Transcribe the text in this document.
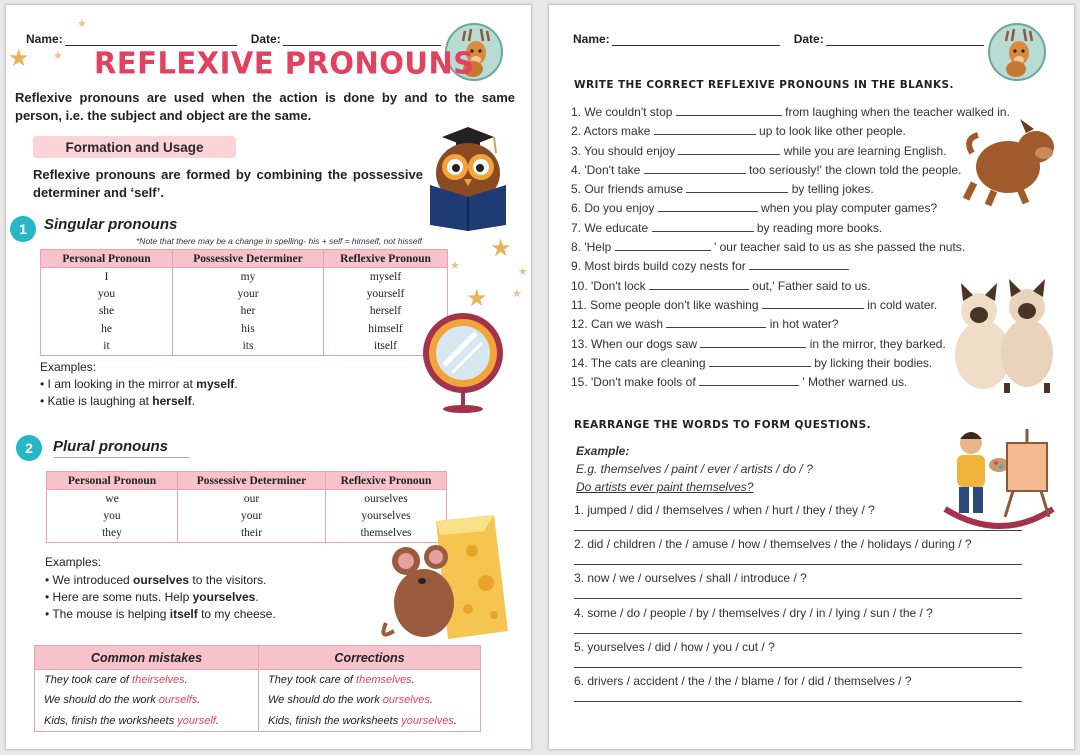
Name:	Date:
★
★
★ REFLEXIVE PRONOUNS
Reflexive pronouns are used when the action is done by and to the same person, i.e. the subject and object are the same.
Formation and Usage
Reflexive pronouns are formed by combining the possessive determiner and ‘self’.
★
★
★
★
★
1	Singular pronouns
*Note that there may be a change in spelling- his + self = himself, not hisself
Personal Pronoun	Possessive Determiner	Reflexive Pronoun
I	my	myself
you	your	yourself
she	her	herself
he	his	himself
it	its	itself
Examples:
• I am looking in the mirror at myself.
• Katie is laughing at herself.
2	Plural pronouns
Personal Pronoun	Possessive Determiner	Reflexive Pronoun
we	our	ourselves
you	your	yourselves
they	their	themselves
Examples:
• We introduced ourselves to the visitors.
• Here are some nuts. Help yourselves.
• The mouse is helping itself to my cheese.
Common mistakes	Corrections
They took care of theirselves.	They took care of themselves.
We should do the work ourselfs.	We should do the work ourselves.
Kids, finish the worksheets yourself.	Kids, finish the worksheets yourselves.
Name:	Date:
WRITE THE CORRECT REFLEXIVE PRONOUNS IN THE BLANKS.
1. We couldn't stop	from laughing when the teacher walked in.
2. Actors make	up to look like other people.
3. You should enjoy	while you are learning English.
4. 'Don't take	too seriously!' the clown told the people.
5. Our friends amuse	by telling jokes.
6. Do you enjoy	when you play computer games?
7. We educate	by reading more books.
8. 'Help	' our teacher said to us as she passed the nuts.
9. Most birds build cozy nests for
10. 'Don't lock	out,' Father said to us.
11. Some people don't like washing	in cold water.
12. Can we wash	in hot water?
13. When our dogs saw	in the mirror, they barked.
14. The cats are cleaning	by licking their bodies.
15. 'Don't make fools of	' Mother warned us.
REARRANGE THE WORDS TO FORM QUESTIONS.
Example:
E.g. themselves / paint / ever / artists / do / ?
Do artists ever paint themselves?
1. jumped / did / themselves / when / hurt / they / they / ?
2. did / children / the / amuse / how / themselves / the / holidays / during / ?
3. now / we / ourselves / shall / introduce / ?
4. some / do / people / by / themselves / dry / in / lying / sun / the / ?
5. yourselves / did / how / you / cut / ?
6. drivers / accident / the / the / blame / for / did / themselves / ?
